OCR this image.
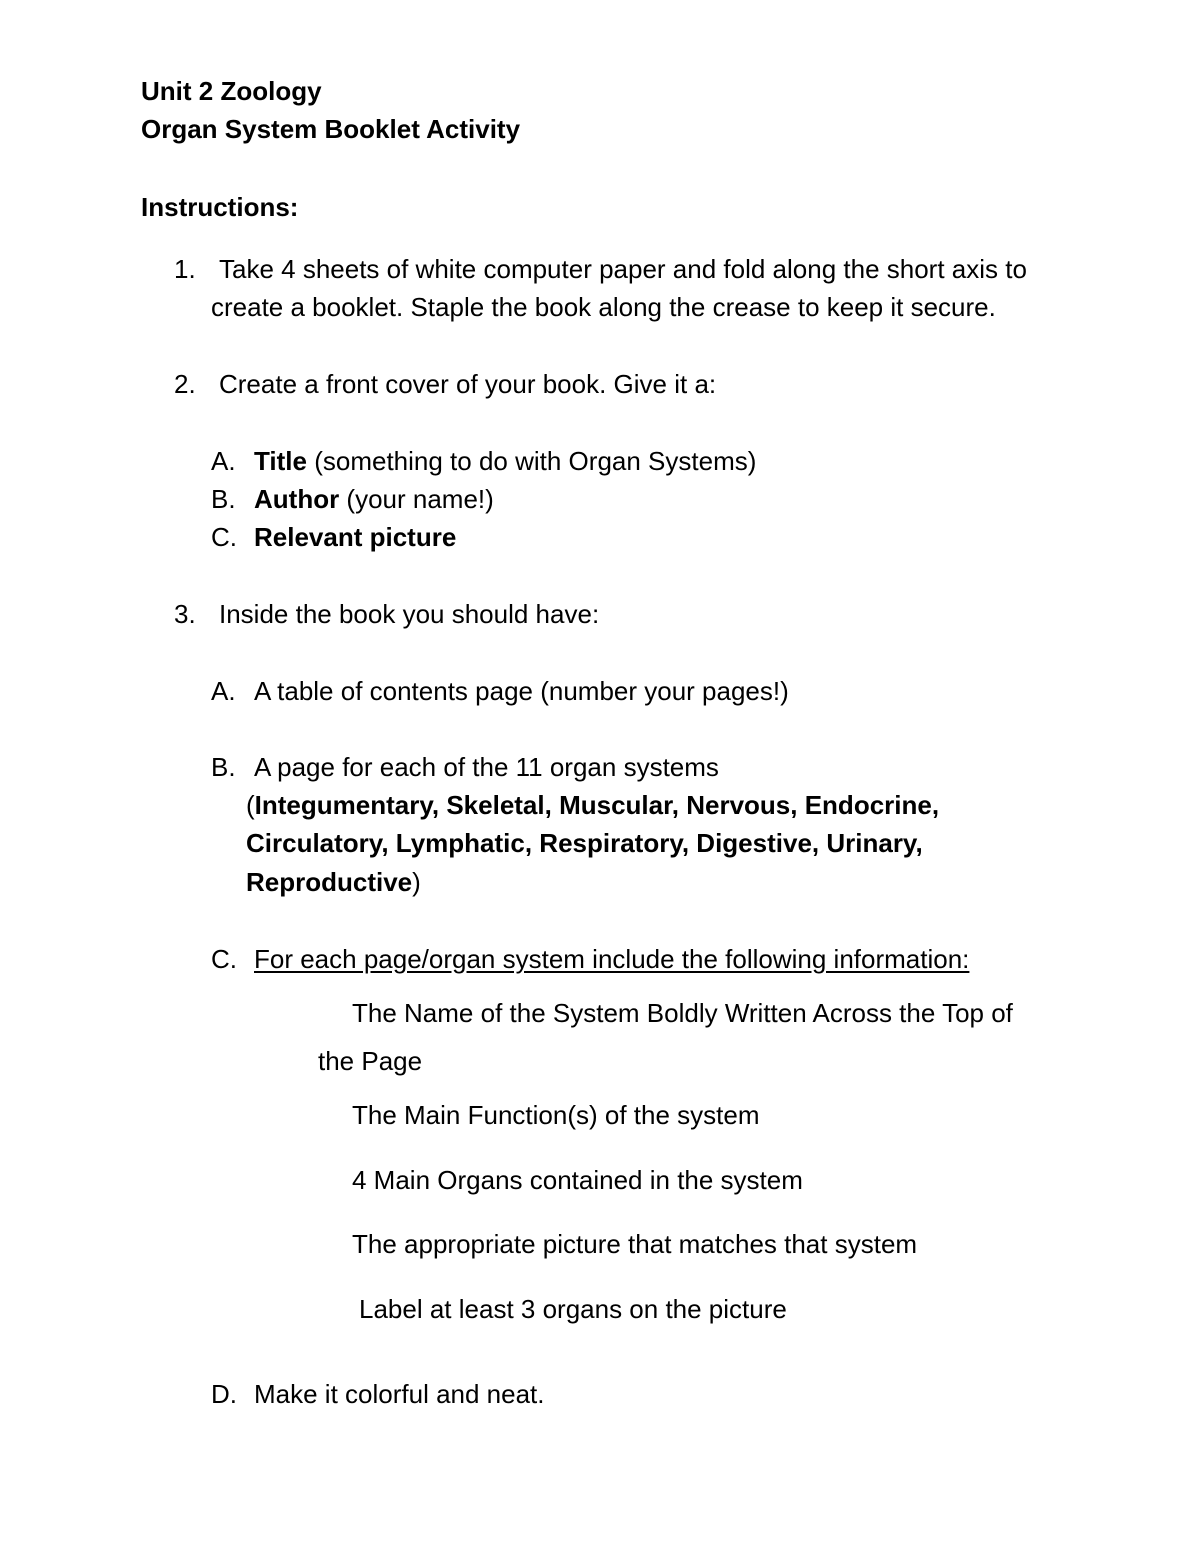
Unit 2 Zoology
Organ System Booklet Activity
Instructions:
1. Take 4 sheets of white computer paper and fold along the short axis to
create a booklet. Staple the book along the crease to keep it secure.
2. Create a front cover of your book. Give it a:
A. Title (something to do with Organ Systems)
B. Author (your name!)
C. Relevant picture
3. Inside the book you should have:
A. A table of contents page (number your pages!)
B. A page for each of the 11 organ systems
(Integumentary, Skeletal, Muscular, Nervous, Endocrine,
Circulatory, Lymphatic, Respiratory, Digestive, Urinary,
Reproductive)
C. For each page/organ system include the following information:
The Name of the System Boldly Written Across the Top of
the Page
The Main Function(s) of the system
4 Main Organs contained in the system
The appropriate picture that matches that system
Label at least 3 organs on the picture
D. Make it colorful and neat.
